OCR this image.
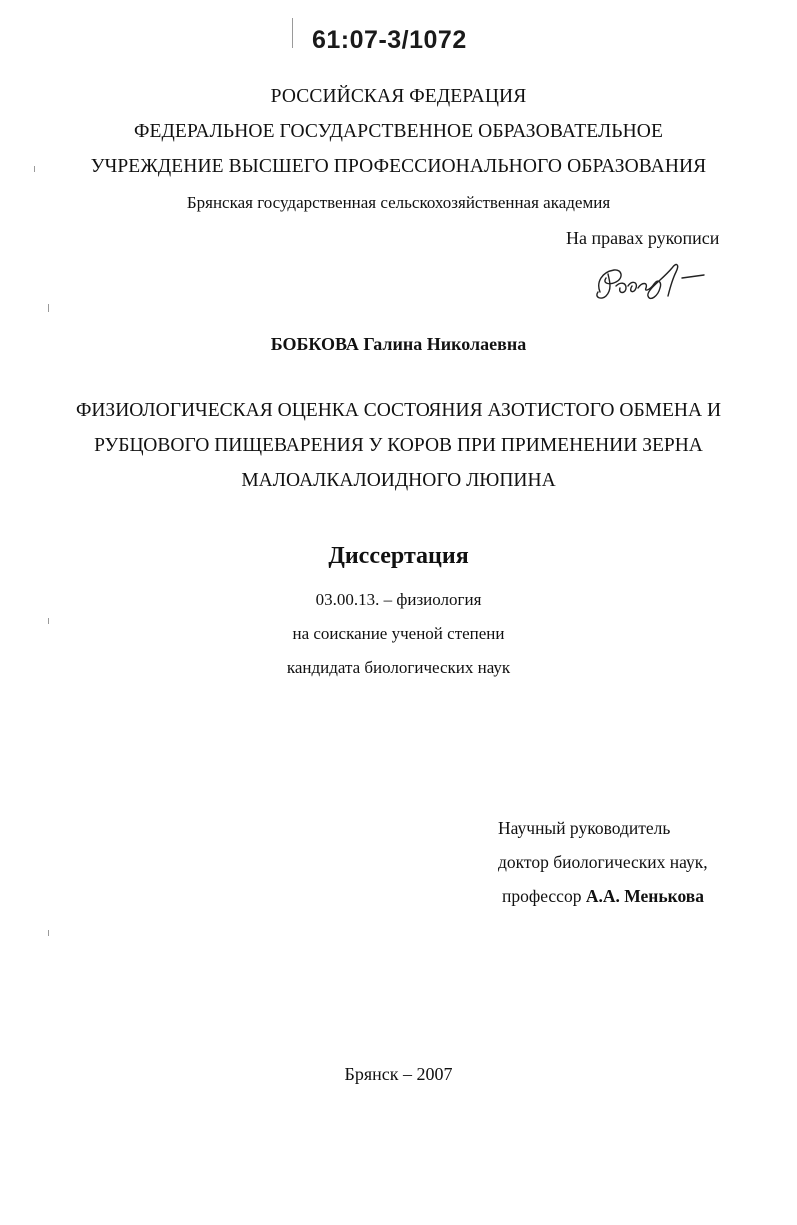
61:07-3/1072
РОССИЙСКАЯ ФЕДЕРАЦИЯ
ФЕДЕРАЛЬНОЕ ГОСУДАРСТВЕННОЕ ОБРАЗОВАТЕЛЬНОЕ
УЧРЕЖДЕНИЕ ВЫСШЕГО ПРОФЕССИОНАЛЬНОГО ОБРАЗОВАНИЯ
Брянская государственная сельскохозяйственная академия
На правах рукописи
БОБКОВА Галина Николаевна
ФИЗИОЛОГИЧЕСКАЯ ОЦЕНКА СОСТОЯНИЯ АЗОТИСТОГО ОБМЕНА И
РУБЦОВОГО ПИЩЕВАРЕНИЯ У КОРОВ ПРИ ПРИМЕНЕНИИ ЗЕРНА
МАЛОАЛКАЛОИДНОГО ЛЮПИНА
Диссертация
03.00.13. – физиология
на соискание ученой степени
кандидата биологических наук
Научный руководитель
доктор биологических наук,
профессор А.А. Менькова
Брянск – 2007
